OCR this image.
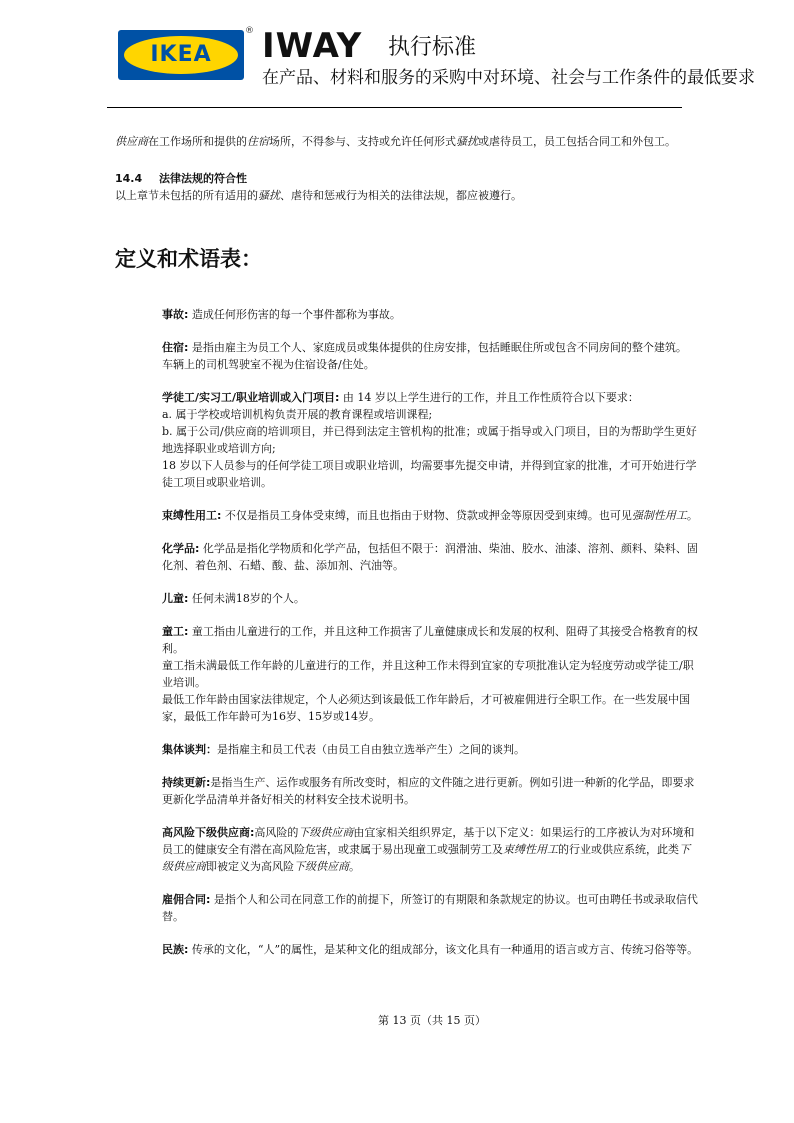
IKEA
® IWAY 执行标准
在产品、材料和服务的采购中对环境、社会与工作条件的最低要求

供应商在工作场所和提供的住宿场所，不得参与、支持或允许任何形式骚扰或虐待员工，员工包括合同工和外包工。

14.4 法律法规的符合性

以上章节未包括的所有适用的骚扰、虐待和惩戒行为相关的法律法规，都应被遵行。

定义和术语表：
事故: 造成任何形伤害的每一个事件都称为事故。
住宿: 是指由雇主为员工个人、家庭成员或集体提供的住房安排，包括睡眠住所或包含不同房间的整个建筑。
车辆上的司机驾驶室不视为住宿设备/住处。
学徒工/实习工/职业培训或入门项目: 由 14 岁以上学生进行的工作，并且工作性质符合以下要求：
a. 属于学校或培训机构负责开展的教育课程或培训课程;
b. 属于公司/供应商的培训项目，并已得到法定主管机构的批准；或属于指导或入门项目，目的为帮助学生更好地选择职业或培训方向;
18 岁以下人员参与的任何学徒工项目或职业培训，均需要事先提交申请，并得到宜家的批准，才可开始进行学徒工项目或职业培训。
束缚性用工: 不仅是指员工身体受束缚，而且也指由于财物、贷款或押金等原因受到束缚。也可见强制性用工。
化学品: 化学品是指化学物质和化学产品，包括但不限于：润滑油、柴油、胶水、油漆、溶剂、颜料、染料、固化剂、着色剂、石蜡、酸、盐、添加剂、汽油等。
儿童: 任何未满18岁的个人。
童工: 童工指由儿童进行的工作，并且这种工作损害了儿童健康成长和发展的权利、阻碍了其接受合格教育的权利。
童工指未满最低工作年龄的儿童进行的工作，并且这种工作未得到宜家的专项批准认定为轻度劳动或学徒工/职业培训。
最低工作年龄由国家法律规定，个人必须达到该最低工作年龄后，才可被雇佣进行全职工作。在一些发展中国家，最低工作年龄可为16岁、15岁或14岁。
集体谈判：是指雇主和员工代表（由员工自由独立选举产生）之间的谈判。
持续更新:是指当生产、运作或服务有所改变时，相应的文件随之进行更新。例如引进一种新的化学品，即要求更新化学品清单并备好相关的材料安全技术说明书。
高风险下级供应商:高风险的下级供应商由宜家相关组织界定，基于以下定义：如果运行的工序被认为对环境和员工的健康安全有潜在高风险危害，或隶属于易出现童工或强制劳工及束缚性用工的行业或供应系统，此类下级供应商即被定义为高风险下级供应商。
雇佣合同: 是指个人和公司在同意工作的前提下，所签订的有期限和条款规定的协议。也可由聘任书或录取信代替。
民族: 传承的文化，“人”的属性，是某种文化的组成部分，该文化具有一种通用的语言或方言、传统习俗等等。
第 13 页（共 15 页）
